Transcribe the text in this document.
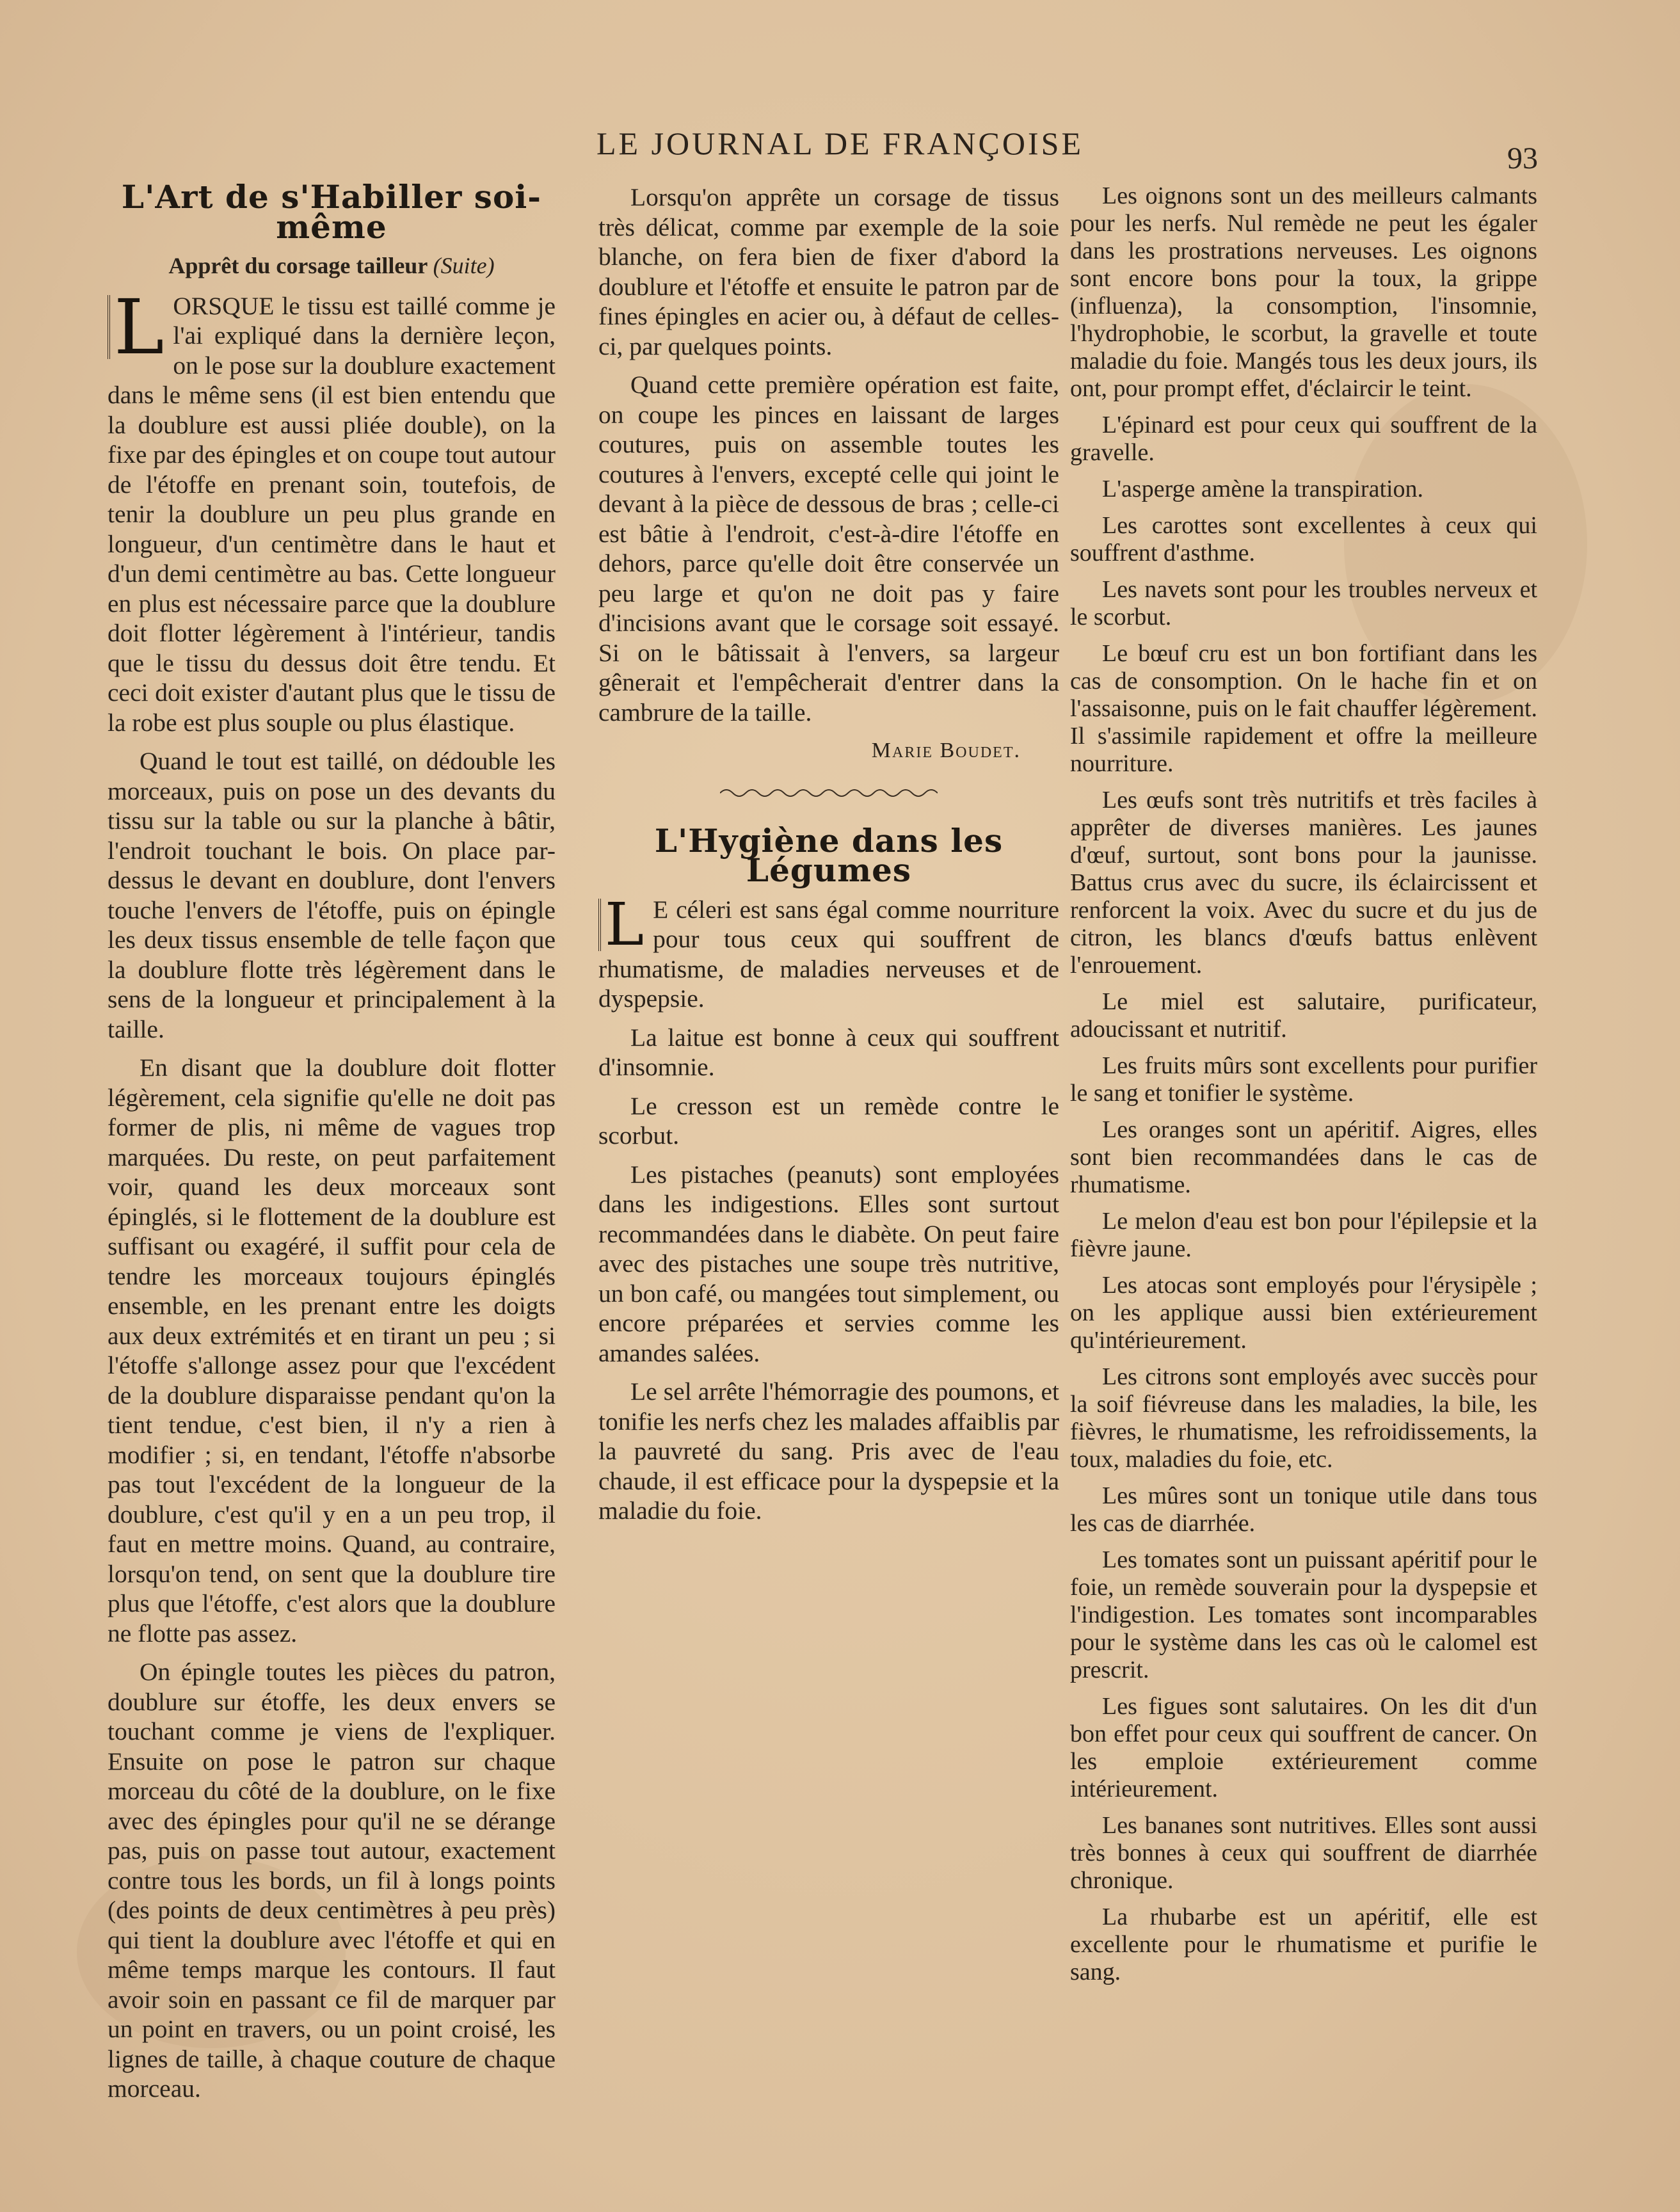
LE JOURNAL DE FRANÇOISE	93
L'Art de s'Habiller soi-même
Apprêt du corsage tailleur (Suite)

L ORSQUE le tissu est taillé comme je l'ai expliqué dans la dernière leçon, on le pose sur la doublure exactement dans le même sens (il est bien entendu que la doublure est aussi pliée double), on la fixe par des épingles et on coupe tout autour de l'étoffe en prenant soin, toutefois, de tenir la doublure un peu plus grande en longueur, d'un centimètre dans le haut et d'un demi centimètre au bas. Cette longueur en plus est nécessaire parce que la doublure doit flotter légèrement à l'intérieur, tandis que le tissu du dessus doit être tendu. Et ceci doit exister d'autant plus que le tissu de la robe est plus souple ou plus élastique.

Quand le tout est taillé, on dédouble les morceaux, puis on pose un des devants du tissu sur la table ou sur la planche à bâtir, l'endroit touchant le bois. On place par-dessus le devant en doublure, dont l'envers touche l'envers de l'étoffe, puis on épingle les deux tissus ensemble de telle façon que la doublure flotte très légèrement dans le sens de la longueur et principalement à la taille.

En disant que la doublure doit flotter légèrement, cela signifie qu'elle ne doit pas former de plis, ni même de vagues trop marquées. Du reste, on peut parfaitement voir, quand les deux morceaux sont épinglés, si le flottement de la doublure est suffisant ou exagéré, il suffit pour cela de tendre les morceaux toujours épinglés ensemble, en les prenant entre les doigts aux deux extrémités et en tirant un peu ; si l'étoffe s'allonge assez pour que l'excédent de la doublure disparaisse pendant qu'on la tient tendue, c'est bien, il n'y a rien à modifier ; si, en tendant, l'étoffe n'absorbe pas tout l'excédent de la longueur de la doublure, c'est qu'il y en a un peu trop, il faut en mettre moins. Quand, au contraire, lorsqu'on tend, on sent que la doublure tire plus que l'étoffe, c'est alors que la doublure ne flotte pas assez.

On épingle toutes les pièces du patron, doublure sur étoffe, les deux envers se touchant comme je viens de l'expliquer. Ensuite on pose le patron sur chaque morceau du côté de la doublure, on le fixe avec des épingles pour qu'il ne se dérange pas, puis on passe tout autour, exactement contre tous les bords, un fil à longs points (des points de deux centimètres à peu près) qui tient la doublure avec l'étoffe et qui en même temps marque les contours. Il faut avoir soin en passant ce fil de marquer par un point en travers, ou un point croisé, les lignes de taille, à chaque couture de chaque morceau.

Lorsqu'on apprête un corsage de tissus très délicat, comme par exemple de la soie blanche, on fera bien de fixer d'abord la doublure et l'étoffe et ensuite le patron par de fines épingles en acier ou, à défaut de celles-ci, par quelques points.

Quand cette première opération est faite, on coupe les pinces en laissant de larges coutures, puis on assemble toutes les coutures à l'envers, excepté celle qui joint le devant à la pièce de dessous de bras ; celle-ci est bâtie à l'endroit, c'est-à-dire l'étoffe en dehors, parce qu'elle doit être conservée un peu large et qu'on ne doit pas y faire d'incisions avant que le corsage soit essayé. Si on le bâtissait à l'envers, sa largeur gênerait et l'empêcherait d'entrer dans la cambrure de la taille.

Marie Boudet.
L'Hygiène dans les Légumes

L E céleri est sans égal comme nourriture pour tous ceux qui souffrent de rhumatisme, de maladies nerveuses et de dyspepsie.

La laitue est bonne à ceux qui souffrent d'insomnie.

Le cresson est un remède contre le scorbut.

Les pistaches (peanuts) sont employées dans les indigestions. Elles sont surtout recommandées dans le diabète. On peut faire avec des pistaches une soupe très nutritive, un bon café, ou mangées tout simplement, ou encore préparées et servies comme les amandes salées.

Le sel arrête l'hémorragie des poumons, et tonifie les nerfs chez les malades affaiblis par la pauvreté du sang. Pris avec de l'eau chaude, il est efficace pour la dyspepsie et la maladie du foie.

Les oignons sont un des meilleurs calmants pour les nerfs. Nul remède ne peut les égaler dans les prostrations nerveuses. Les oignons sont encore bons pour la toux, la grippe (influenza), la consomption, l'insomnie, l'hydrophobie, le scorbut, la gravelle et toute maladie du foie. Mangés tous les deux jours, ils ont, pour prompt effet, d'éclaircir le teint.

L'épinard est pour ceux qui souffrent de la gravelle.

L'asperge amène la transpiration.

Les carottes sont excellentes à ceux qui souffrent d'asthme.

Les navets sont pour les troubles nerveux et le scorbut.

Le bœuf cru est un bon fortifiant dans les cas de consomption. On le hache fin et on l'assaisonne, puis on le fait chauffer légèrement. Il s'assimile rapidement et offre la meilleure nourriture.

Les œufs sont très nutritifs et très faciles à apprêter de diverses manières. Les jaunes d'œuf, surtout, sont bons pour la jaunisse. Battus crus avec du sucre, ils éclaircissent et renforcent la voix. Avec du sucre et du jus de citron, les blancs d'œufs battus enlèvent l'enrouement.

Le miel est salutaire, purificateur, adoucissant et nutritif.

Les fruits mûrs sont excellents pour purifier le sang et tonifier le système.

Les oranges sont un apéritif. Aigres, elles sont bien recommandées dans le cas de rhumatisme.

Le melon d'eau est bon pour l'épilepsie et la fièvre jaune.

Les atocas sont employés pour l'érysipèle ; on les applique aussi bien extérieurement qu'intérieurement.

Les citrons sont employés avec succès pour la soif fiévreuse dans les maladies, la bile, les fièvres, le rhumatisme, les refroidissements, la toux, maladies du foie, etc.

Les mûres sont un tonique utile dans tous les cas de diarrhée.

Les tomates sont un puissant apéritif pour le foie, un remède souverain pour la dyspepsie et l'indigestion. Les tomates sont incomparables pour le système dans les cas où le calomel est prescrit.

Les figues sont salutaires. On les dit d'un bon effet pour ceux qui souffrent de cancer. On les emploie extérieurement comme intérieurement.

Les bananes sont nutritives. Elles sont aussi très bonnes à ceux qui souffrent de diarrhée chronique.

La rhubarbe est un apéritif, elle est excellente pour le rhumatisme et purifie le sang.
